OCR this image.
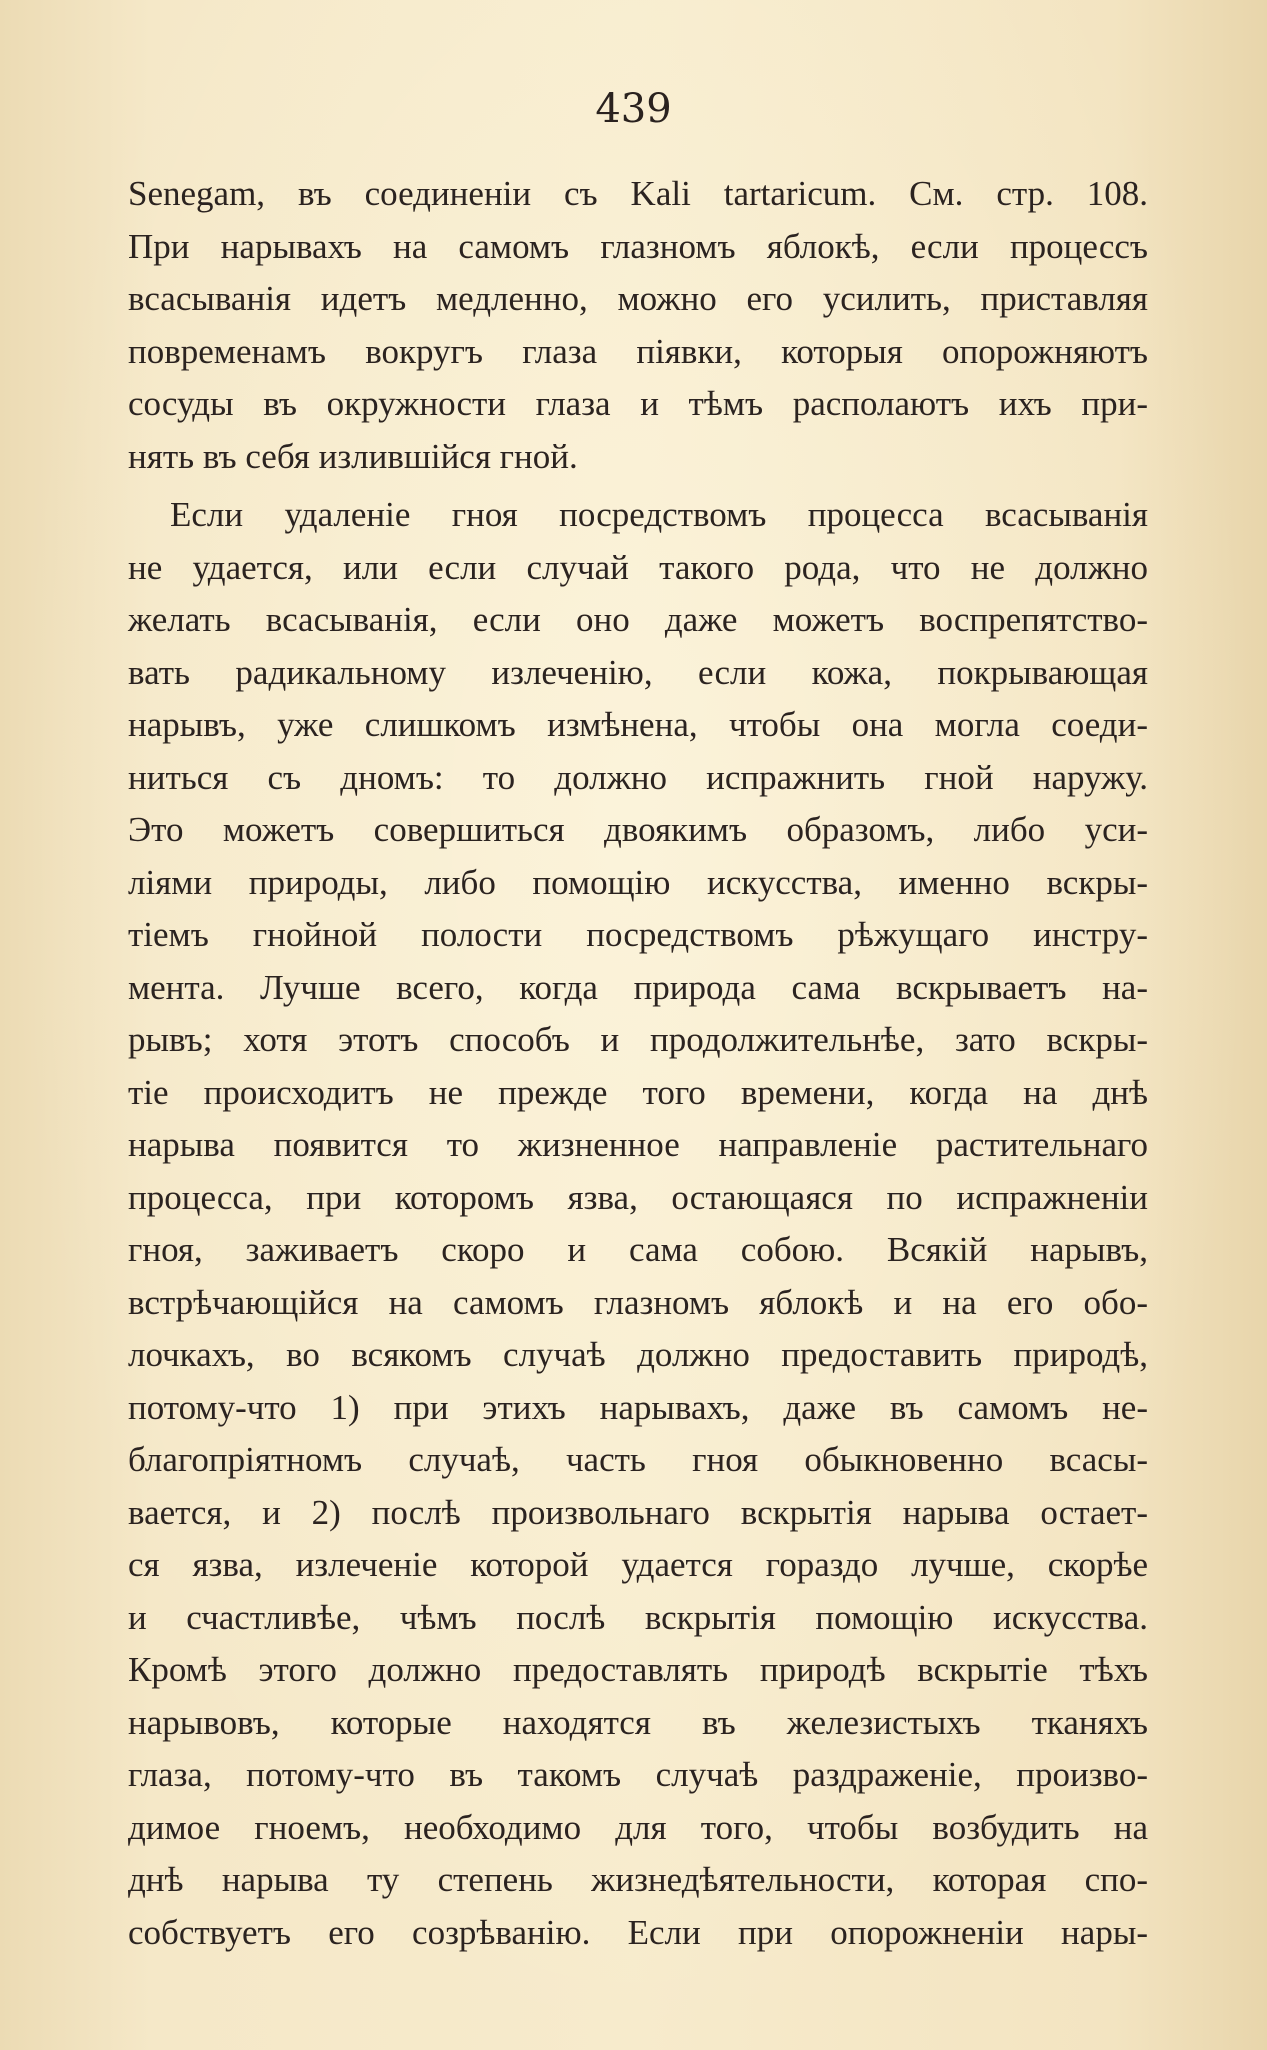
439
Senegam, въ соединеніи съ Kali tartaricum. См. стр. 108.
При нарывахъ на самомъ глазномъ яблокѣ, если процессъ
всасыванія идетъ медленно, можно его усилить, приставляя
повременамъ вокругъ глаза піявки, которыя опорожняютъ
сосуды въ окружности глаза и тѣмъ располаютъ ихъ при-
нять въ себя излившійся гной.
Если удаленіе гноя посредствомъ процесса всасыванія
не удается, или если случай такого рода, что не должно
желать всасыванія, если оно даже можетъ воспрепятство-
вать радикальному излеченію, если кожа, покрывающая
нарывъ, уже слишкомъ измѣнена, чтобы она могла соеди-
ниться съ дномъ: то должно испражнить гной наружу.
Это можетъ совершиться двоякимъ образомъ, либо уси-
ліями природы, либо помощію искусства, именно вскры-
тіемъ гнойной полости посредствомъ рѣжущаго инстру-
мента. Лучше всего, когда природа сама вскрываетъ на-
рывъ; хотя этотъ способъ и продолжительнѣе, зато вскры-
тіе происходитъ не прежде того времени, когда на днѣ
нарыва появится то жизненное направленіе растительнаго
процесса, при которомъ язва, остающаяся по испражненіи
гноя, заживаетъ скоро и сама собою. Всякій нарывъ,
встрѣчающійся на самомъ глазномъ яблокѣ и на его обо-
лочкахъ, во всякомъ случаѣ должно предоставить природѣ,
потому-что 1) при этихъ нарывахъ, даже въ самомъ не-
благопріятномъ случаѣ, часть гноя обыкновенно всасы-
вается, и 2) послѣ произвольнаго вскрытія нарыва остает-
ся язва, излеченіе которой удается гораздо лучше, скорѣе
и счастливѣе, чѣмъ послѣ вскрытія помощію искусства.
Кромѣ этого должно предоставлять природѣ вскрытіе тѣхъ
нарывовъ, которые находятся въ железистыхъ тканяхъ
глаза, потому-что въ такомъ случаѣ раздраженіе, произво-
димое гноемъ, необходимо для того, чтобы возбудить на
днѣ нарыва ту степень жизнедѣятельности, которая спо-
собствуетъ его созрѣванію. Если при опорожненіи нары-
